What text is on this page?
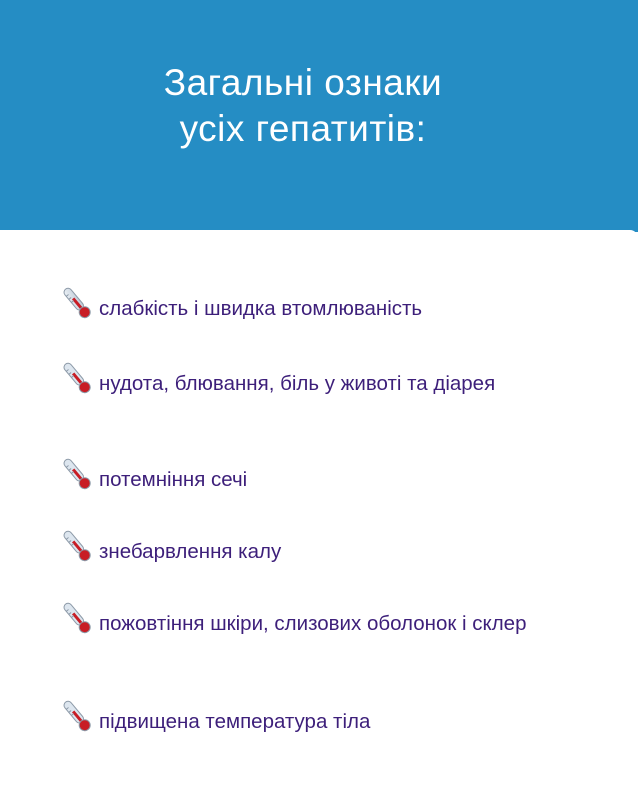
Загальні ознаки
усіх гепатитів:
слабкість і швидка втомлюваність
нудота, блювання, біль у животі та діарея
потемніння сечі
знебарвлення калу
пожовтіння шкіри, слизових оболонок і склер
підвищена температура тіла
